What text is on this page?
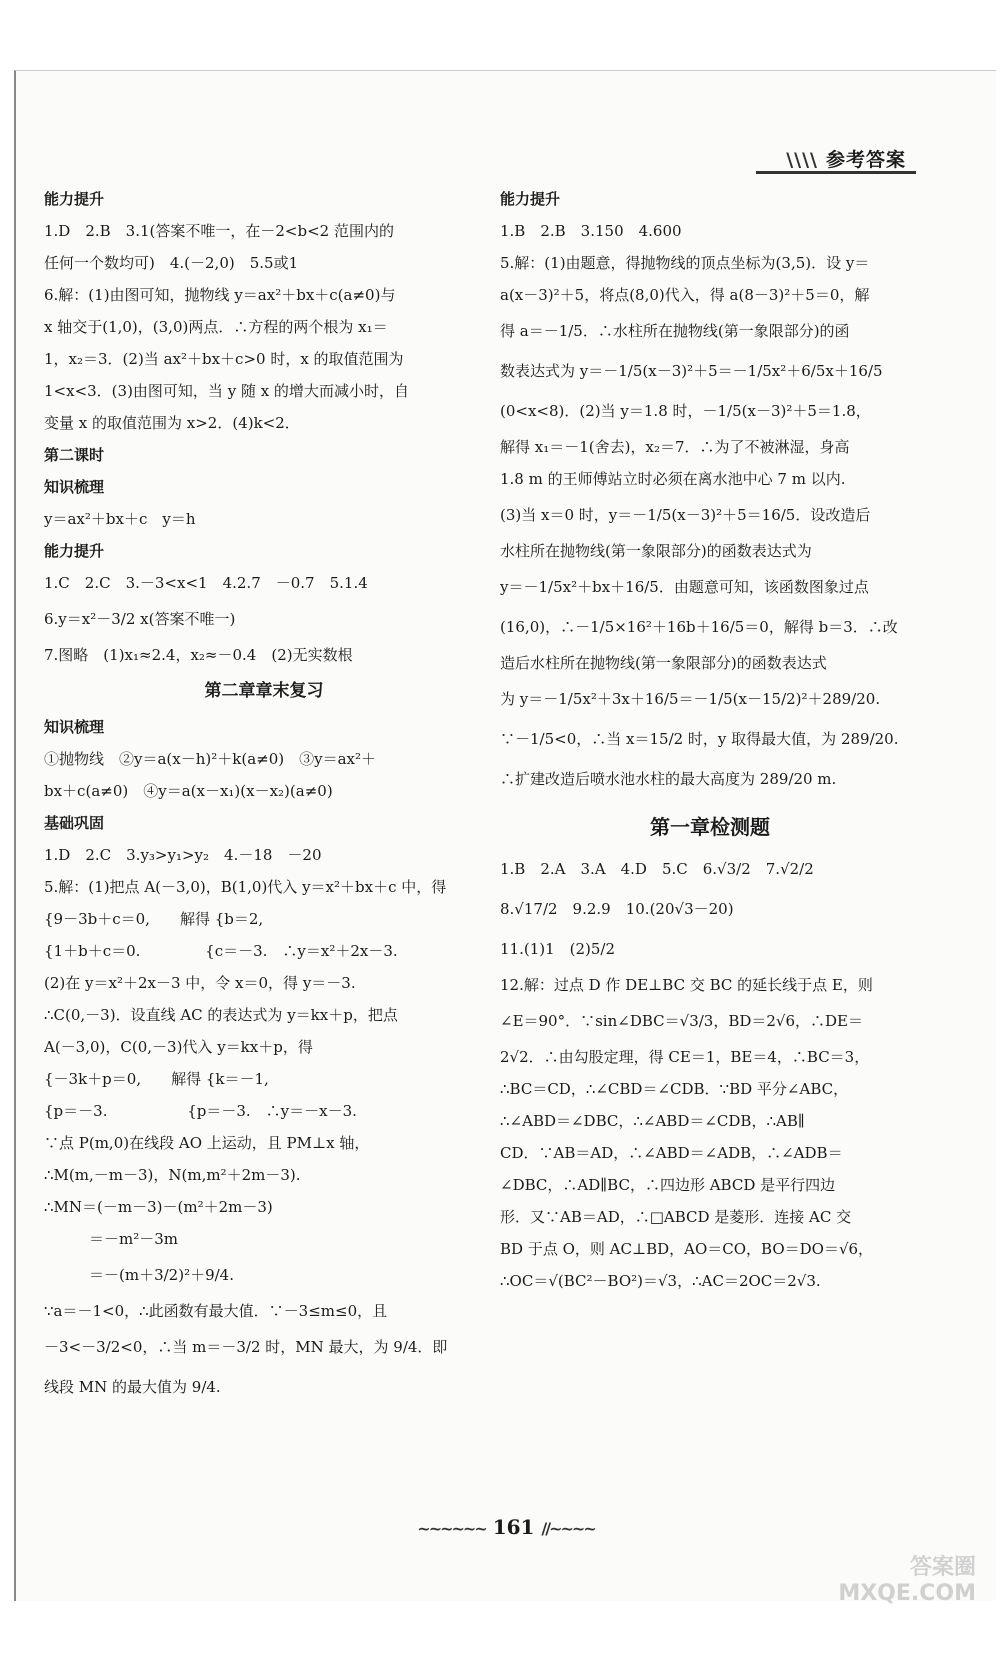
\\\\ 参考答案
能力提升
1.D　2.B　3.1(答案不唯一，在－2<b<2 范围内的
任何一个数均可)　4.(－2,0)　5.5或1
6.解：(1)由图可知，抛物线 y＝ax²＋bx＋c(a≠0)与
x 轴交于(1,0)，(3,0)两点．∴方程的两个根为 x₁＝
1，x₂＝3．(2)当 ax²＋bx＋c>0 时，x 的取值范围为
1<x<3．(3)由图可知，当 y 随 x 的增大而减小时，自
变量 x 的取值范围为 x>2．(4)k<2．
第二课时
知识梳理
y＝ax²＋bx＋c　y＝h
能力提升
1.C　2.C　3.－3<x<1　4.2.7　－0.7　5.1.4
6.y＝x²－3/2 x(答案不唯一)
7.图略　(1)x₁≈2.4，x₂≈－0.4　(2)无实数根
第二章章末复习
知识梳理
①抛物线　②y＝a(x－h)²＋k(a≠0)　③y＝ax²＋
bx＋c(a≠0)　④y＝a(x－x₁)(x－x₂)(a≠0)
基础巩固
1.D　2.C　3.y₃>y₁>y₂　4.－18　－20
5.解：(1)把点 A(－3,0)，B(1,0)代入 y＝x²＋bx＋c 中，得
{9－3b＋c＝0,　　解得 {b＝2,
{1＋b＋c＝0.　　　　 {c＝－3.　∴y＝x²＋2x－3.
(2)在 y＝x²＋2x－3 中，令 x＝0，得 y＝－3.
∴C(0,－3)．设直线 AC 的表达式为 y＝kx＋p，把点
A(－3,0)，C(0,－3)代入 y＝kx＋p，得
{－3k＋p＝0,　　解得 {k＝－1,
{p＝－3.　　　　　 {p＝－3.　∴y＝－x－3.
∵点 P(m,0)在线段 AO 上运动，且 PM⊥x 轴，
∴M(m,－m－3)，N(m,m²＋2m－3).
∴MN＝(－m－3)－(m²＋2m－3)
　　　＝－m²－3m
　　　＝－(m＋3/2)²＋9/4.
∵a＝－1<0，∴此函数有最大值．∵－3≤m≤0，且
－3<－3/2<0，∴当 m＝－3/2 时，MN 最大，为 9/4．即
线段 MN 的最大值为 9/4.
能力提升
1.B　2.B　3.150　4.600
5.解：(1)由题意，得抛物线的顶点坐标为(3,5)．设 y＝
a(x－3)²＋5，将点(8,0)代入，得 a(8－3)²＋5＝0，解
得 a＝－1/5．∴水柱所在抛物线(第一象限部分)的函
数表达式为 y＝－1/5(x－3)²＋5＝－1/5x²＋6/5x＋16/5
(0<x<8)．(2)当 y＝1.8 时，－1/5(x－3)²＋5＝1.8，
解得 x₁＝－1(舍去)，x₂＝7．∴为了不被淋湿，身高
1.8 m 的王师傅站立时必须在离水池中心 7 m 以内.
(3)当 x＝0 时，y＝－1/5(x－3)²＋5＝16/5．设改造后
水柱所在抛物线(第一象限部分)的函数表达式为
y＝－1/5x²＋bx＋16/5．由题意可知，该函数图象过点
(16,0)，∴－1/5×16²＋16b＋16/5＝0，解得 b＝3．∴改
造后水柱所在抛物线(第一象限部分)的函数表达式
为 y＝－1/5x²＋3x＋16/5＝－1/5(x－15/2)²＋289/20.
∵－1/5<0，∴当 x＝15/2 时，y 取得最大值，为 289/20.
∴扩建改造后喷水池水柱的最大高度为 289/20 m.
第一章检测题
1.B　2.A　3.A　4.D　5.C　6.√3/2　7.√2/2
8.√17/2　9.2.9　10.(20√3－20)
11.(1)1　(2)5/2
12.解：过点 D 作 DE⊥BC 交 BC 的延长线于点 E，则
∠E＝90°．∵sin∠DBC＝√3/3，BD＝2√6，∴DE＝
2√2．∴由勾股定理，得 CE＝1，BE＝4，∴BC＝3，
∴BC＝CD，∴∠CBD＝∠CDB．∵BD 平分∠ABC，
∴∠ABD＝∠DBC，∴∠ABD＝∠CDB，∴AB∥
CD．∵AB＝AD，∴∠ABD＝∠ADB，∴∠ADB＝
∠DBC，∴AD∥BC，∴四边形 ABCD 是平行四边
形．又∵AB＝AD，∴□ABCD 是菱形．连接 AC 交
BD 于点 O，则 AC⊥BD，AO＝CO，BO＝DO＝√6，
∴OC＝√(BC²－BO²)＝√3，∴AC＝2OC＝2√3.
~~~~~~ 161 //~~~~
答案圈
MXQE.COM
